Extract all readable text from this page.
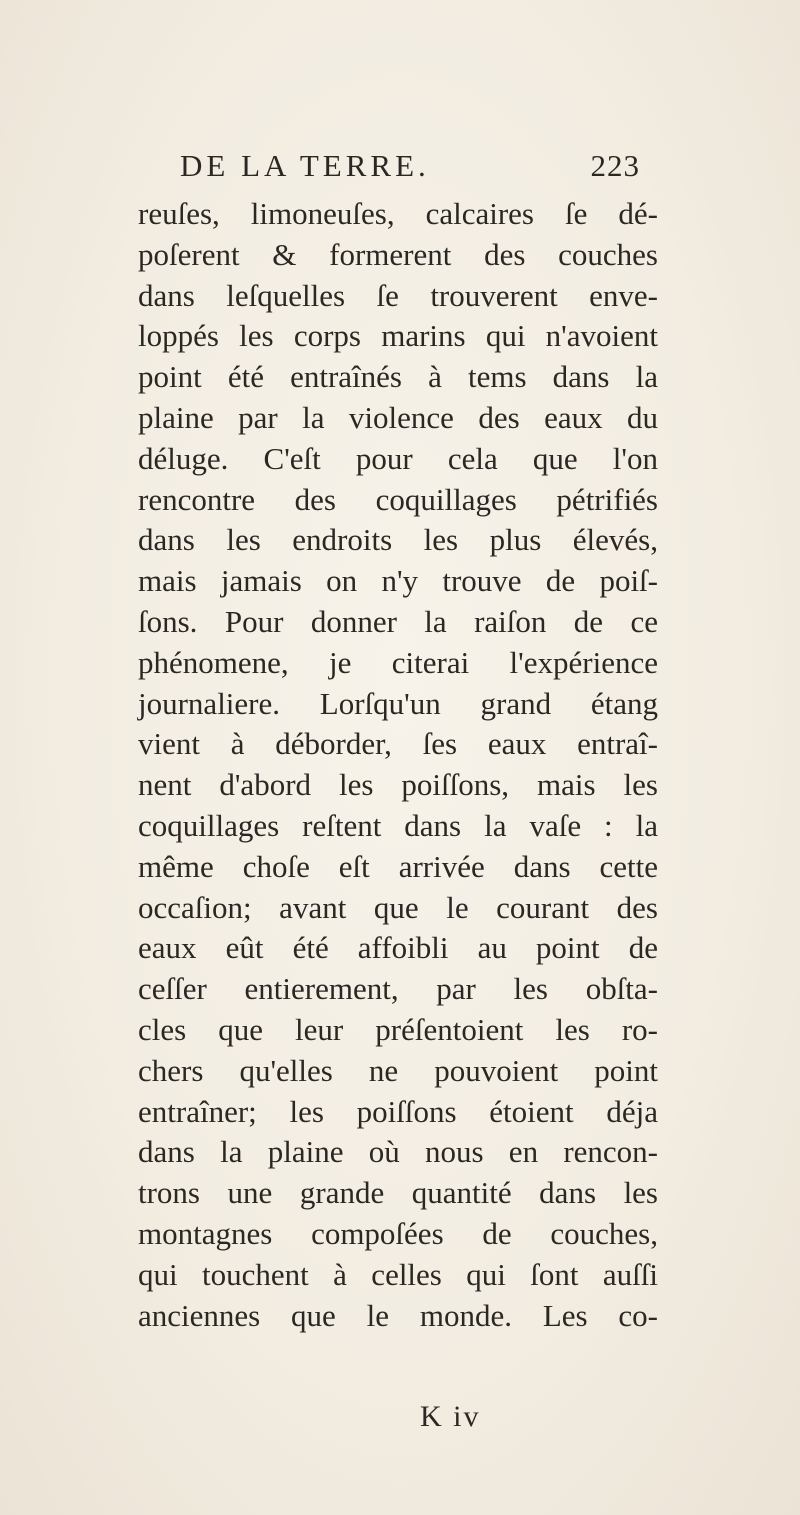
DE LA TERRE.	223
reuſes, limoneuſes, calcaires ſe dé-
poſerent & formerent des couches
dans leſquelles ſe trouverent enve-
loppés les corps marins qui n'avoient
point été entraînés à tems dans la
plaine par la violence des eaux du
déluge. C'eſt pour cela que l'on
rencontre des coquillages pétrifiés
dans les endroits les plus élevés,
mais jamais on n'y trouve de poiſ-
ſons. Pour donner la raiſon de ce
phénomene, je citerai l'expérience
journaliere. Lorſqu'un grand étang
vient à déborder, ſes eaux entraî-
nent d'abord les poiſſons, mais les
coquillages reſtent dans la vaſe : la
même choſe eſt arrivée dans cette
occaſion; avant que le courant des
eaux eût été affoibli au point de
ceſſer entierement, par les obſta-
cles que leur préſentoient les ro-
chers qu'elles ne pouvoient point
entraîner; les poiſſons étoient déja
dans la plaine où nous en rencon-
trons une grande quantité dans les
montagnes compoſées de couches,
qui touchent à celles qui ſont auſſi
anciennes que le monde. Les co-
K iv
